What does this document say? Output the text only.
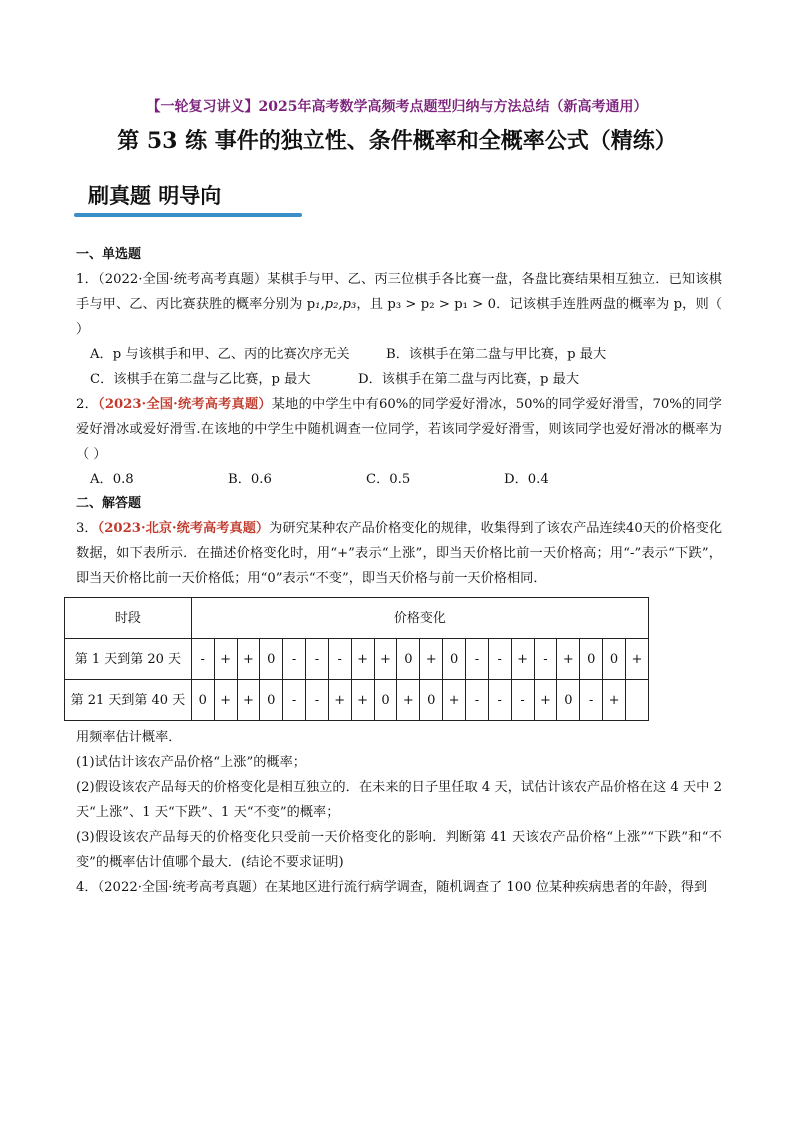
【一轮复习讲义】2025年高考数学高频考点题型归纳与方法总结（新高考通用）
第 53 练 事件的独立性、条件概率和全概率公式（精练）
刷真题 明导向
一、单选题

1．（2022·全国·统考高考真题）某棋手与甲、乙、丙三位棋手各比赛一盘，各盘比赛结果相互独立．已知该棋手与甲、乙、丙比赛获胜的概率分别为 p₁,p₂,p₃，且 p₃ > p₂ > p₁ > 0．记该棋手连胜两盘的概率为 p，则（ ）

A．p 与该棋手和甲、乙、丙的比赛次序无关	B．该棋手在第二盘与甲比赛，p 最大
C．该棋手在第二盘与乙比赛，p 最大	D．该棋手在第二盘与丙比赛，p 最大

2．（2023·全国·统考高考真题）某地的中学生中有60%的同学爱好滑冰，50%的同学爱好滑雪，70%的同学爱好滑冰或爱好滑雪.在该地的中学生中随机调查一位同学，若该同学爱好滑雪，则该同学也爱好滑冰的概率为（ ）

A．0.8	B．0.6	C．0.5	D．0.4
二、解答题

3．（2023·北京·统考高考真题）为研究某种农产品价格变化的规律，收集得到了该农产品连续40天的价格变化数据，如下表所示．在描述价格变化时，用“+”表示“上涨”，即当天价格比前一天价格高；用“-”表示“下跌”，即当天价格比前一天价格低；用“0”表示“不变”，即当天价格与前一天价格相同．

时段	价格变化																			
第 1 天到第 20 天	-	+	+	0	-	-	-	+	+	0	+	0	-	-	+	-	+	0	0	+
第 21 天到第 40 天	0	+	+	0	-	-	+	+	0	+	0	+	-	-	-	+	0	-	+	

用频率估计概率．

(1)试估计该农产品价格“上涨”的概率；

(2)假设该农产品每天的价格变化是相互独立的．在未来的日子里任取 4 天，试估计该农产品价格在这 4 天中 2 天“上涨”、1 天“下跌”、1 天“不变”的概率；

(3)假设该农产品每天的价格变化只受前一天价格变化的影响．判断第 41 天该农产品价格“上涨”“下跌”和“不变”的概率估计值哪个最大．(结论不要求证明)

4．（2022·全国·统考高考真题）在某地区进行流行病学调查，随机调查了 100 位某种疾病患者的年龄，得到
